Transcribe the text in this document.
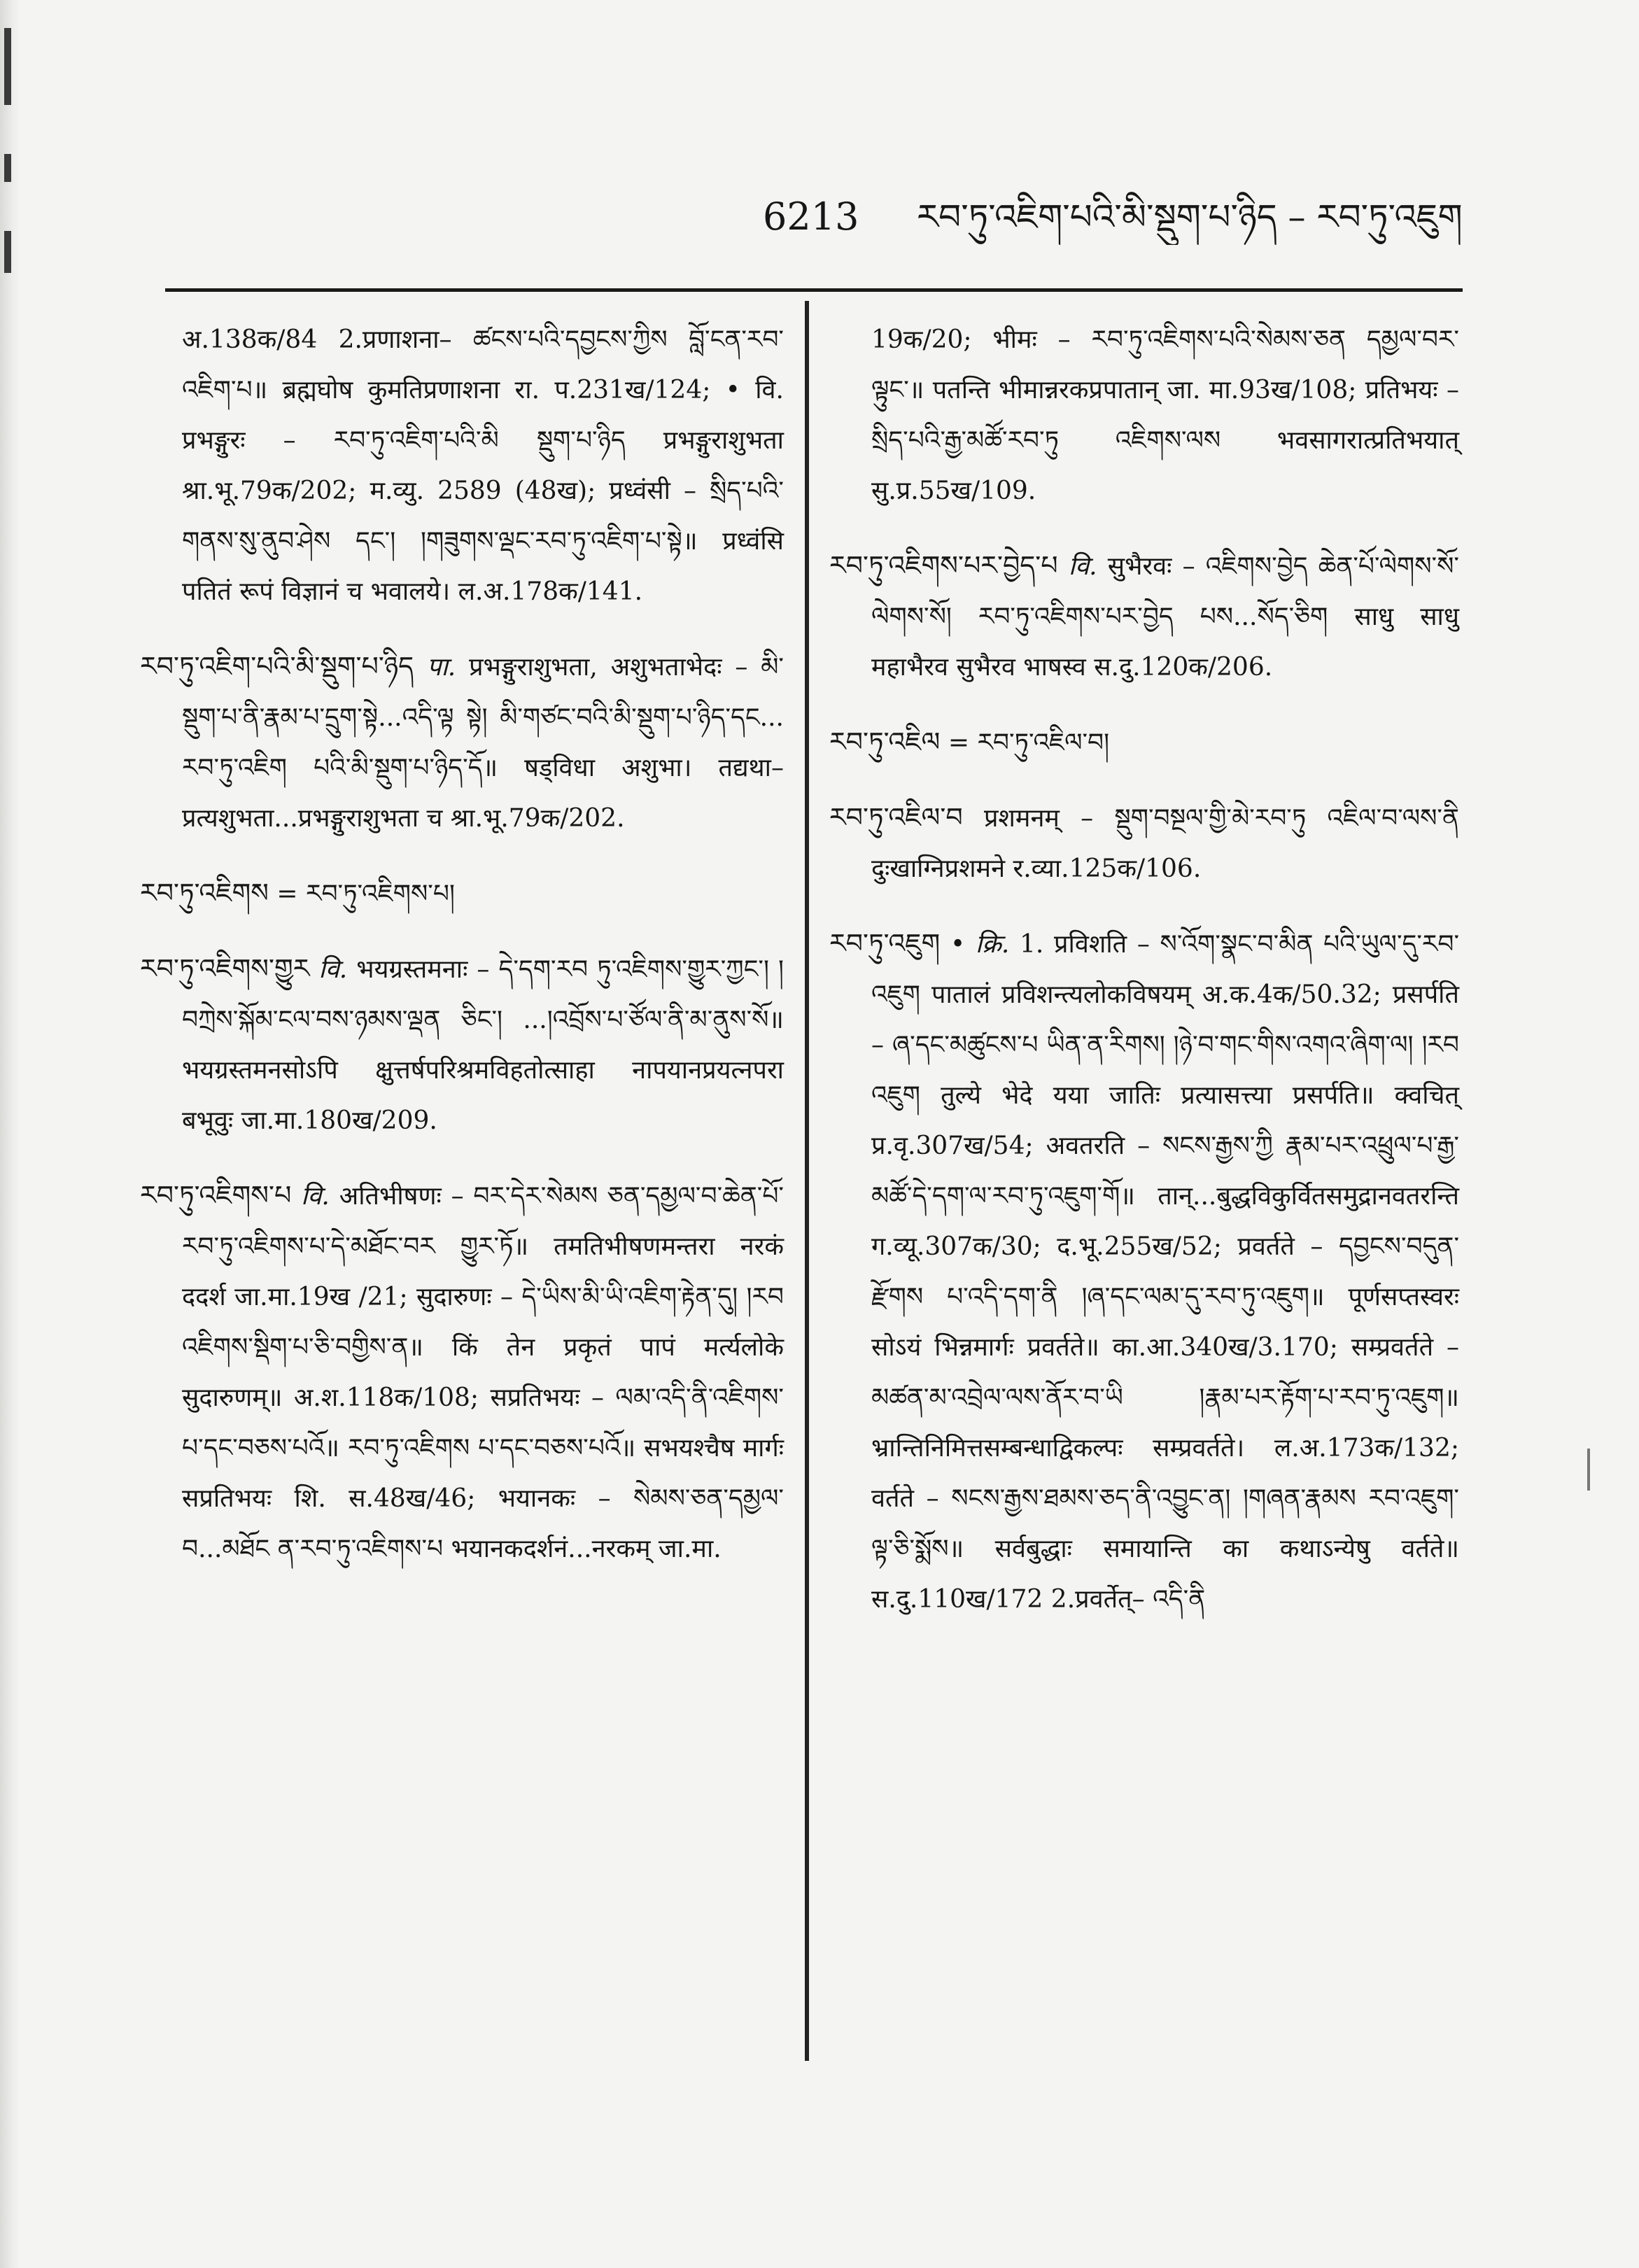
6213 རབ་ཏུ་འཇིག་པའི་མི་སྡུག་པ་ཉིད – རབ་ཏུ་འཇུག

अ.138क/84 2.प्रणाशना– ཚངས་པའི་དབྱངས་ཀྱིས བློ་ངན་རབ་འཇིག་པ॥ ब्रह्मघोष कुमतिप्रणाशना रा. प.231ख/124; • वि. प्रभङ्गुरः – རབ་ཏུ་འཇིག་པའི་མི སྡུག་པ་ཉིད प्रभङ्गुराशुभता श्रा.भू.79क/202; म.व्यु. 2589 (48ख); प्रध्वंसी – སྲིད་པའི་གནས་སུ་ནུབ་ཤེས དང་། །གཟུགས་ལྡང་རབ་ཏུ་འཇིག་པ་སྟེ॥ प्रध्वंसि पतितं रूपं विज्ञानं च भवालये। ल.अ.178क/141.

རབ་ཏུ་འཇིག་པའི་མི་སྡུག་པ་ཉིད पा. प्रभङ्गुराशुभता, अशुभताभेदः – མི་སྡུག་པ་ནི་རྣམ་པ་དྲུག་སྟེ...འདི་ལྟ སྟེ། མི་གཙང་བའི་མི་སྡུག་པ་ཉིད་དང... རབ་ཏུ་འཇིག པའི་མི་སྡུག་པ་ཉིད་དོ॥ षड्विधा अशुभा। तद्यथा– प्रत्यशुभता...प्रभङ्गुराशुभता च श्रा.भू.79क/202.

རབ་ཏུ་འཇིགས = རབ་ཏུ་འཇིགས་པ།

རབ་ཏུ་འཇིགས་གྱུར वि. भयग्रस्तमनाः – དེ་དག་རབ ཏུ་འཇིགས་གྱུར་ཀྱང་། །བཀྲེས་སྐོམ་ངལ་བས་ཉམས་ལྡན ཅིང་། ...།འབྲོས་པ་ཙོལ་ནི་མ་ནུས་སོ॥ भयग्रस्तमनसोऽपि क्षुत्तर्षपरिश्रमविहतोत्साहा नापयानप्रयत्नपरा बभूवुः जा.मा.180ख/209.

རབ་ཏུ་འཇིགས་པ वि. अतिभीषणः – བར་དེར་སེམས ཅན་དམྱལ་བ་ཆེན་པོ་རབ་ཏུ་འཇིགས་པ་དེ་མཐོང་བར གྱུར་ཏོ॥ तमतिभीषणमन्तरा नरकं ददर्श जा.मा.19ख /21; सुदारुणः – དེ་ཡིས་མི་ཡི་འཇིག་རྟེན་དུ། །རབ འཇིགས་སྡིག་པ་ཅི་བགྱིས་ན॥ किं तेन प्रकृतं पापं मर्त्यलोके सुदारुणम्॥ अ.श.118क/108; सप्रतिभयः – ལམ་འདི་ནི་འཇིགས་པ་དང་བཅས་པའོ॥ རབ་ཏུ་འཇིགས པ་དང་བཅས་པའོ॥ सभयश्चैष मार्गः सप्रतिभयः शि. स.48ख/46; भयानकः – སེམས་ཅན་དམྱལ་བ...མཐོང ན་རབ་ཏུ་འཇིགས་པ भयानकदर्शनं...नरकम् जा.मा.

19क/20; भीमः – རབ་ཏུ་འཇིགས་པའི་སེམས་ཅན དམྱལ་བར་ལྟུང་॥ पतन्ति भीमान्नरकप्रपातान् जा. मा.93ख/108; प्रतिभयः – སྲིད་པའི་རྒྱ་མཚོ་རབ་ཏུ འཇིགས་ལས भवसागरात्प्रतिभयात् सु.प्र.55ख/109.

རབ་ཏུ་འཇིགས་པར་བྱེད་པ वि. सुभैरवः – འཇིགས་བྱེད ཆེན་པོ་ལེགས་སོ་ལེགས་སོ། རབ་ཏུ་འཇིགས་པར་བྱེད པས...སོད་ཅིག साधु साधु महाभैरव सुभैरव भाषस्व स.दु.120क/206.

རབ་ཏུ་འཇིལ = རབ་ཏུ་འཇིལ་བ།

རབ་ཏུ་འཇིལ་བ प्रशमनम् – སྡུག་བསྔལ་གྱི་མེ་རབ་ཏུ འཇིལ་བ་ལས་ནི दुःखाग्निप्रशमने र.व्या.125क/106.

རབ་ཏུ་འཇུག • क्रि. 1. प्रविशति – ས་འོག་སྣང་བ་མིན པའི་ཡུལ་དུ་རབ་འཇུག पातालं प्रविशन्त्यलोकविषयम् अ.क.4क/50.32; प्रसर्पति – ཞ་དང་མཚུངས་པ ཡིན་ན་རིགས། །ཉེ་བ་གང་གིས་འགའ་ཞིག་ལ། །རབ འཇུག तुल्ये भेदे यया जातिः प्रत्यासत्त्या प्रसर्पति॥ क्वचित् प्र.वृ.307ख/54; अवतरति – སངས་རྒྱས་ཀྱི རྣམ་པར་འཕྲུལ་པ་རྒྱ་མཚོ་དེ་དག་ལ་རབ་ཏུ་འཇུག་གོ॥ तान्...बुद्धविकुर्वितसमुद्रानवतरन्ति ग.व्यू.307क/30; द.भू.255ख/52; प्रवर्तते – དབྱངས་བདུན་རྫོགས པ་འདི་དག་ནི །ཞ་དང་ལམ་དུ་རབ་ཏུ་འཇུག॥ पूर्णसप्तस्वरः सोऽयं भिन्नमार्गः प्रवर्तते॥ का.आ.340ख/3.170; सम्प्रवर्तते – མཚན་མ་འབྲེལ་ལས་ནོར་བ་ཡི །རྣམ་པར་རྟོག་པ་རབ་ཏུ་འཇུག॥ भ्रान्तिनिमित्तसम्बन्धाद्विकल्पः सम्प्रवर्तते। ल.अ.173क/132; वर्तते – སངས་རྒྱས་ཐམས་ཅད་ནི་འབྱུང་ན། །གཞན་རྣམས རབ་འཇུག་ལྟ་ཅི་སྨོས॥ सर्वबुद्धाः समायान्ति का कथाऽन्येषु वर्तते॥ स.दु.110ख/172 2.प्रवर्तेत्– འདི་ནི
